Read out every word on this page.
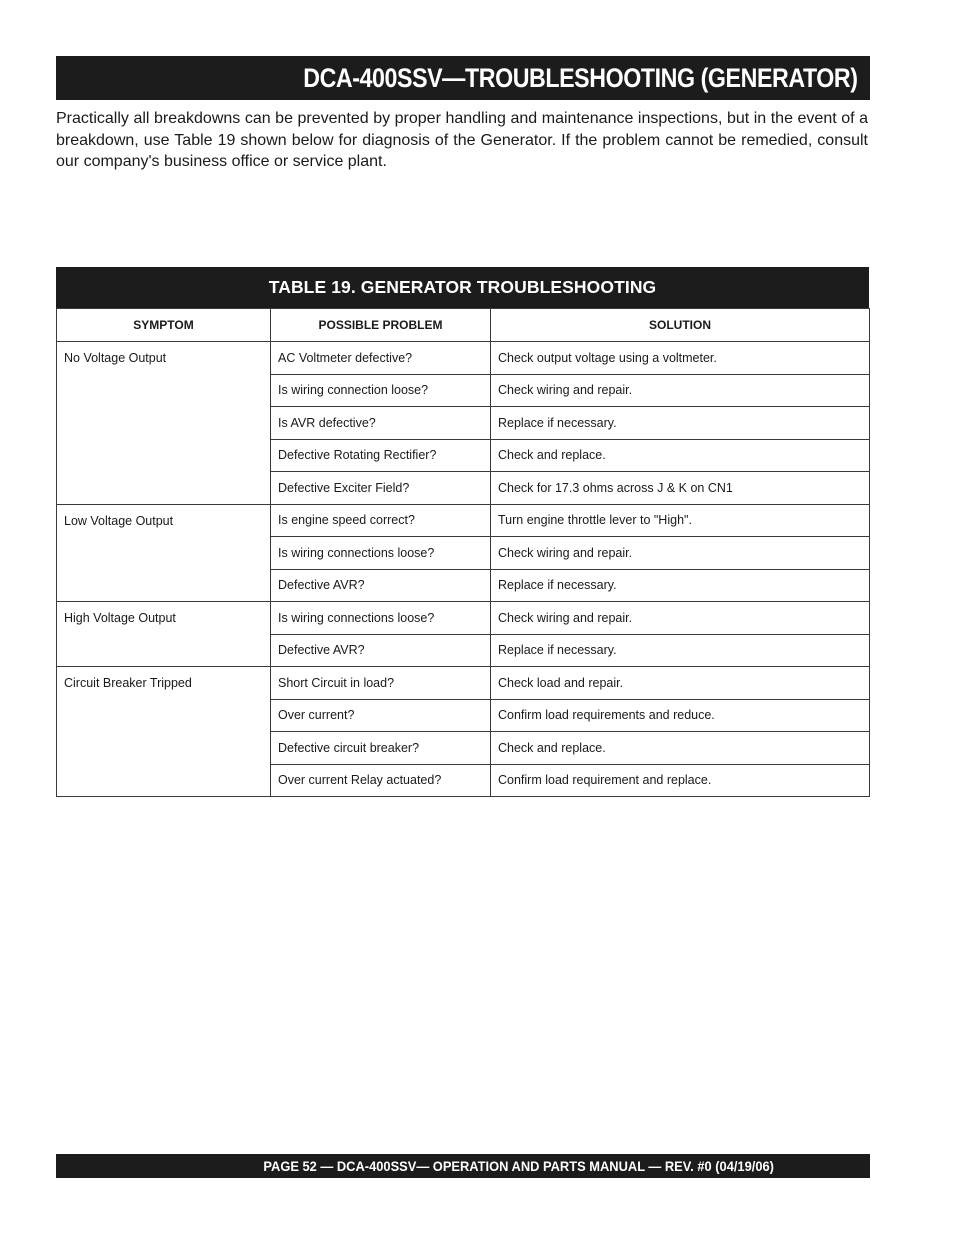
DCA-400SSV—TROUBLESHOOTING (GENERATOR)

Practically all breakdowns can be prevented by proper handling and maintenance inspections, but in the event of a breakdown, use Table 19 shown below for diagnosis of the Generator. If the problem cannot be remedied, consult our company's business office or service plant.

TABLE 19. GENERATOR TROUBLESHOOTING
SYMPTOM	POSSIBLE PROBLEM	SOLUTION
No Voltage Output	AC Voltmeter defective?	Check output voltage using a voltmeter.
	Is wiring connection loose?	Check wiring and repair.
	Is AVR defective?	Replace if necessary.
	Defective Rotating Rectifier?	Check and replace.
	Defective Exciter Field?	Check for 17.3 ohms across J & K on CN1
Low Voltage Output	Is engine speed correct?	Turn engine throttle lever to "High".
	Is wiring connections loose?	Check wiring and repair.
	Defective AVR?	Replace if necessary.
High Voltage Output	Is wiring connections loose?	Check wiring and repair.
	Defective AVR?	Replace if necessary.
Circuit Breaker Tripped	Short Circuit in load?	Check load and repair.
	Over current?	Confirm load requirements and reduce.
	Defective circuit breaker?	Check and replace.
	Over current Relay actuated?	Confirm load requirement and replace.
PAGE 52 — DCA-400SSV— OPERATION AND PARTS MANUAL — REV. #0 (04/19/06)
